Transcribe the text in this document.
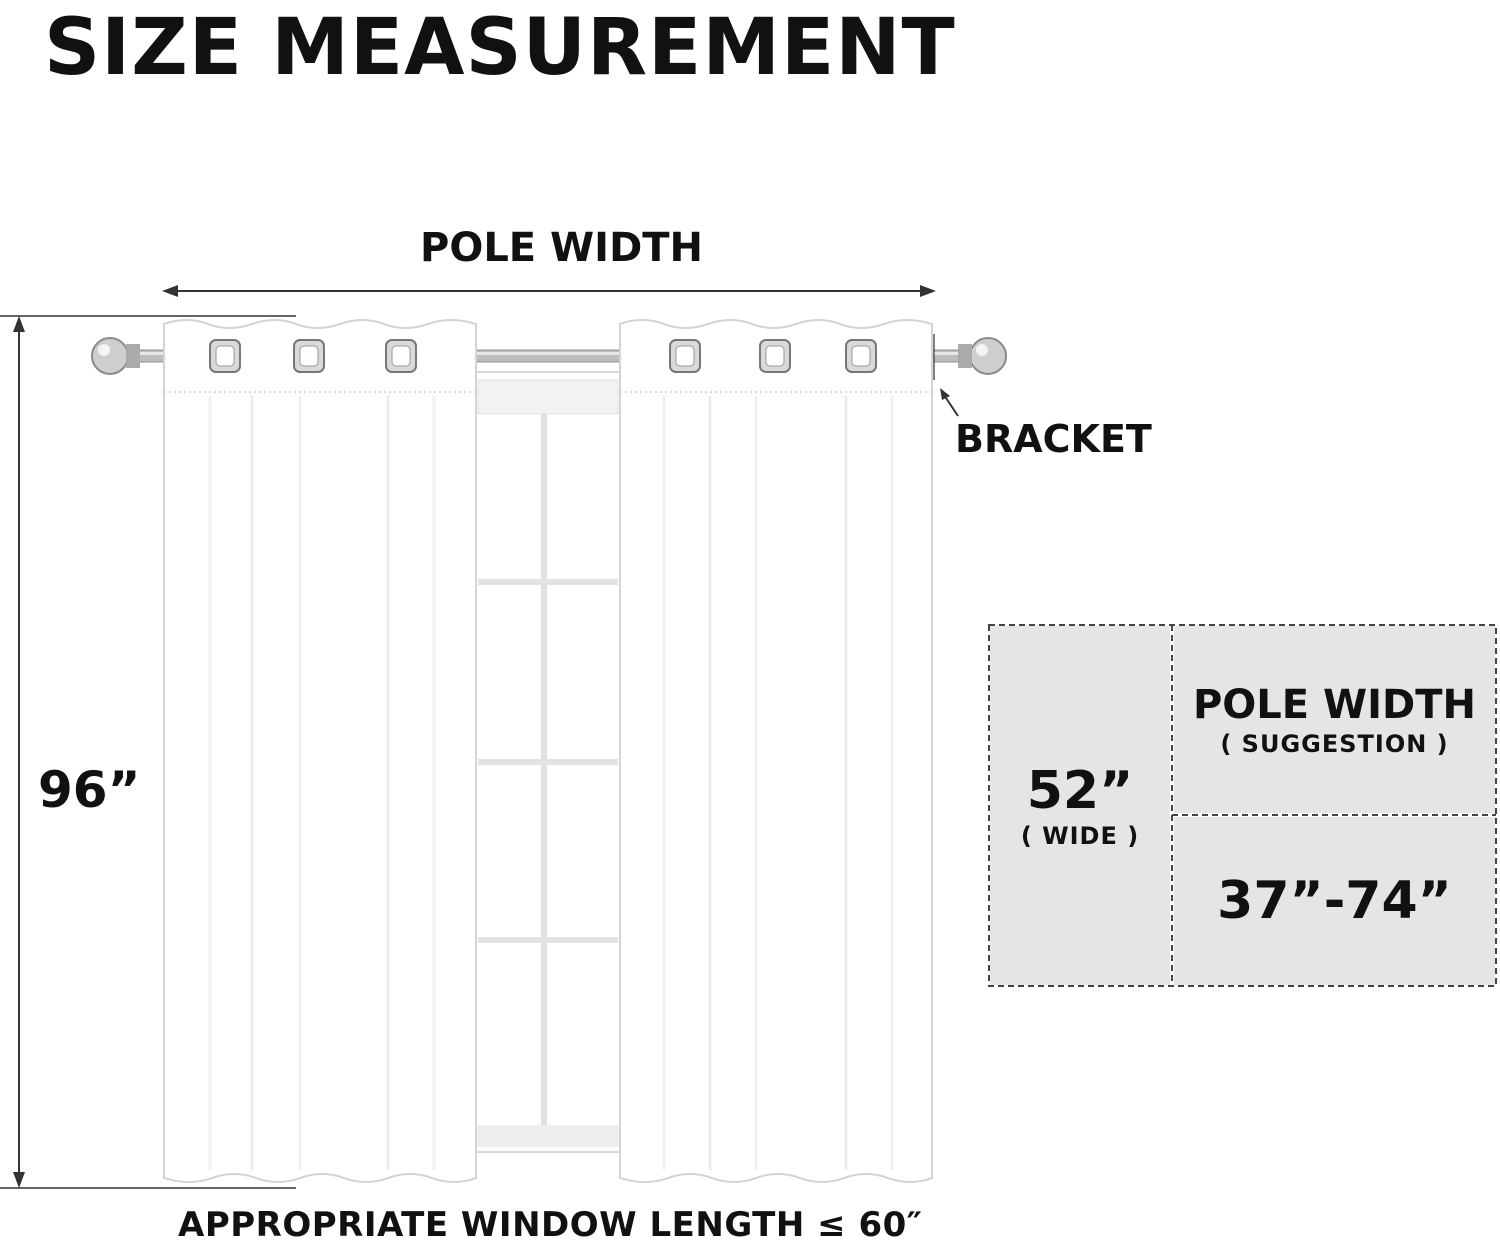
SIZE MEASUREMENT
POLE WIDTH
BRACKET
96”
APPROPRIATE WINDOW LENGTH ≤ 60″
52”
( WIDE )
POLE WIDTH
( SUGGESTION )
37”-74”
